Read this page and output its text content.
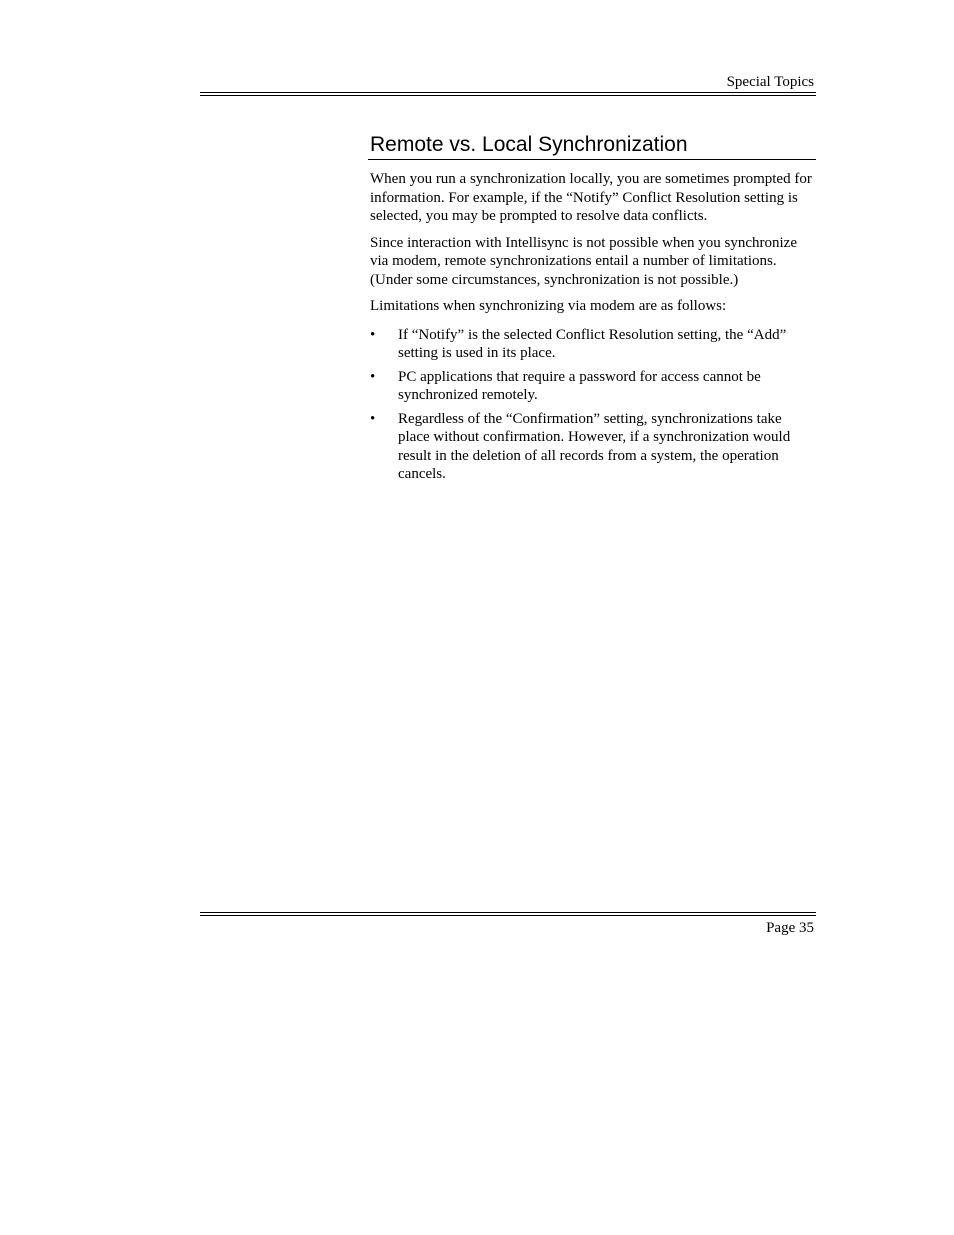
Special Topics
Remote vs. Local Synchronization

When you run a synchronization locally, you are sometimes prompted for information. For example, if the “Notify” Conflict Resolution setting is selected, you may be prompted to resolve data conflicts.

Since interaction with Intellisync is not possible when you synchronize via modem, remote synchronizations entail a number of limitations. (Under some circumstances, synchronization is not possible.)

Limitations when synchronizing via modem are as follows:

•	If “Notify” is the selected Conflict Resolution setting, the “Add” setting is used in its place.
•	PC applications that require a password for access cannot be synchronized remotely.
•	Regardless of the “Confirmation” setting, synchronizations take place without confirmation. However, if a synchronization would result in the deletion of all records from a system, the operation cancels.
Page 35
